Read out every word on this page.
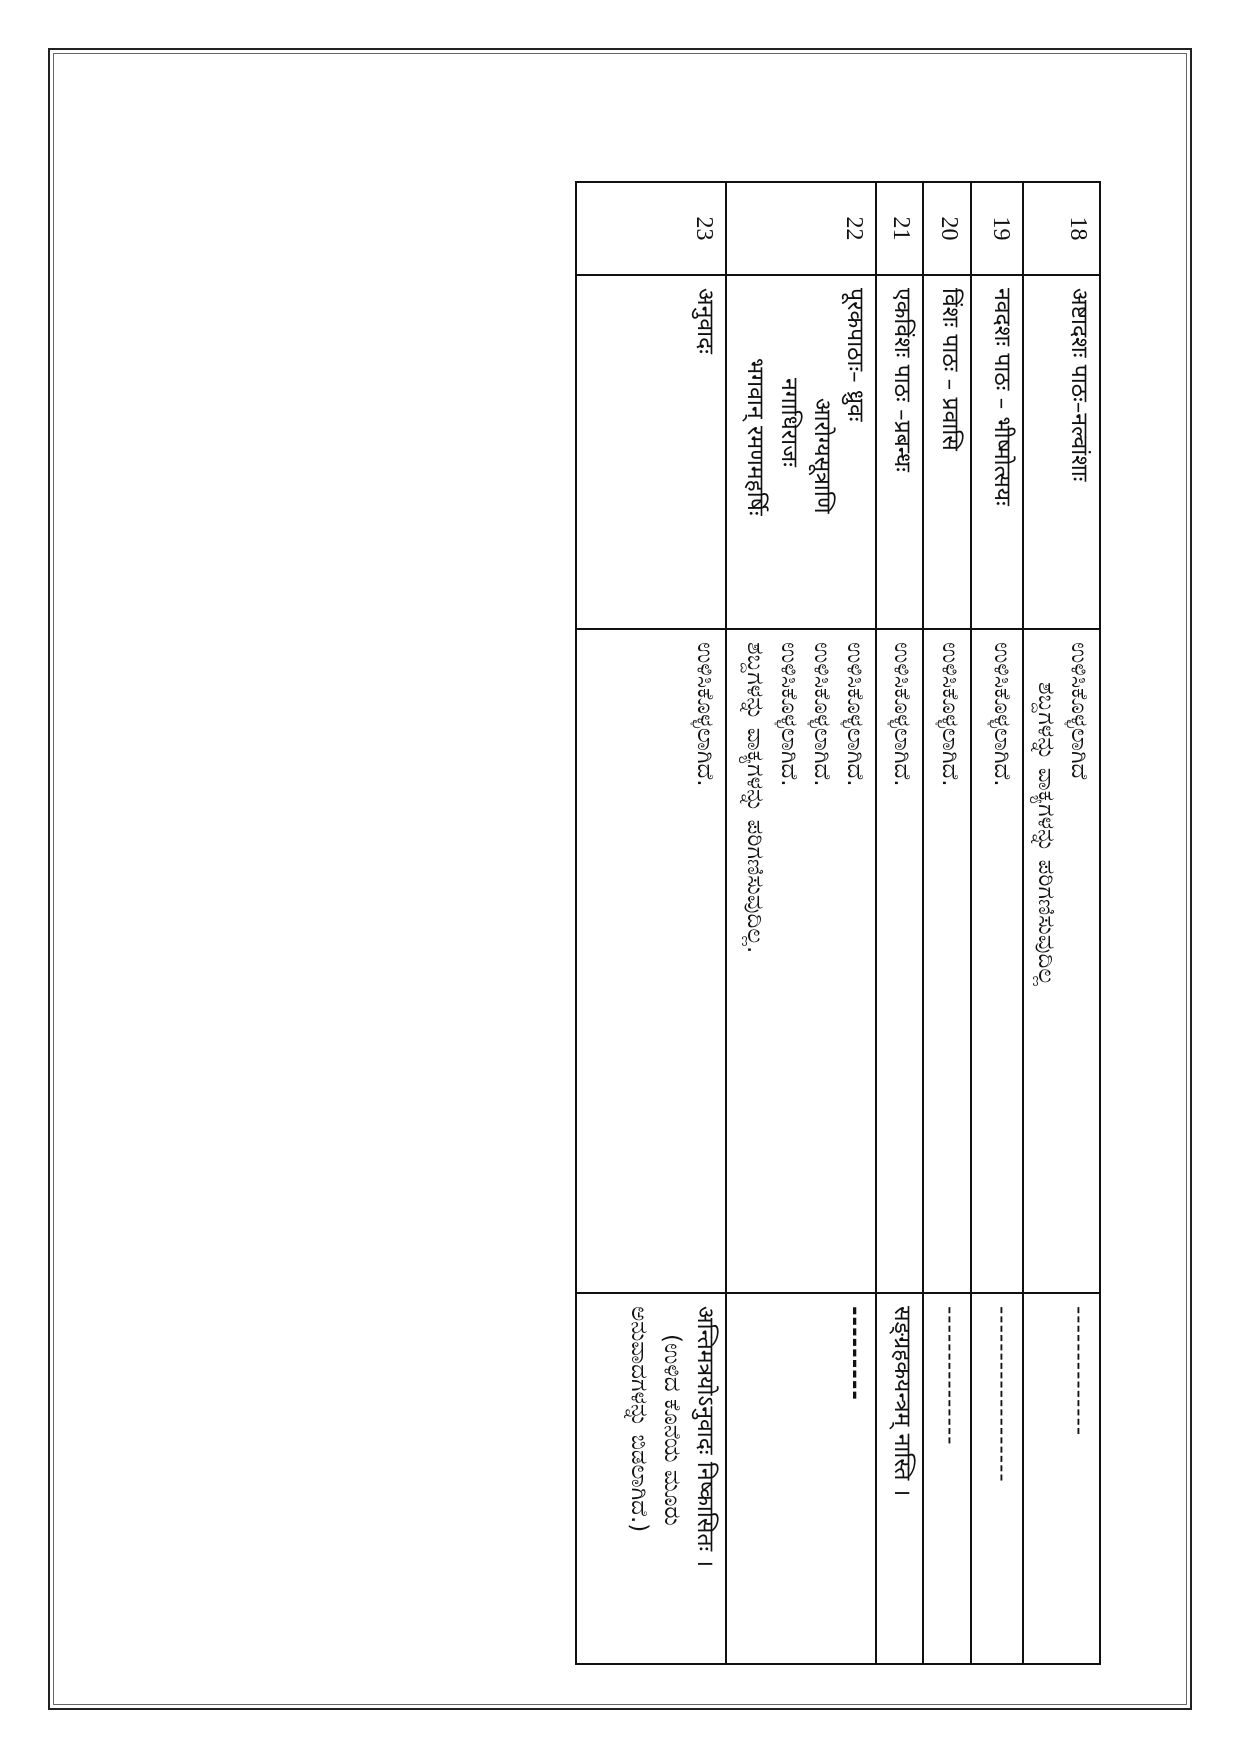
18	अष्टादशः पाठः–नल्वांशाः	ಉಳಿಸಿಕೊಳ್ಳಲಾಗಿದೆ
ಶಬ್ದಗಳನ್ನು ವಾಕ್ಯಗಳನ್ನು ಪರಿಗಣಿಸುವುದಿಲ್ಲ	--------------

19	नवदशः पाठः – भीष्मोत्सयः	ಉಳಿಸಿಕೊಳ್ಳಲಾಗಿದೆ.	-------------------

20	विंशः पाठः – प्रवासि	ಉಳಿಸಿಕೊಳ್ಳಲಾಗಿದೆ.	---------------

21	एकविंशः पाठः –प्रबन्धः	ಉಳಿಸಿಕೊಳ್ಳಲಾಗಿದೆ.	सङ्ग्रहकयन्त्रम् नास्ति ।

22	पूरकपाठाः– ध्रुवः
आरोग्यसूत्राणि
नगाधिराजः
भगवान् रमणमहर्षिः	ಉಳಿಸಿಕೊಳ್ಳಲಾಗಿದೆ.
ಉಳಿಸಿಕೊಳ್ಳಲಾಗಿದೆ.
ಉಳಿಸಿಕೊಳ್ಳಲಾಗಿದೆ.
ಶಬ್ದಗಳನ್ನು ವಾಕ್ಯಗಳನ್ನು ಪರಿಗಣಿಸುವುದಿಲ್ಲ.	---------

23	अनुवादः	ಉಳಿಸಿಕೊಳ್ಳಲಾಗಿದೆ.	अन्तिमत्रयोऽनुवादः निष्कासितः ।
(ಉಳಿದ ಕೊನೆಯ ಮೂರು
ಅನುವಾದಗಳನ್ನು ಬಿಡಲಾಗಿದೆ.)
